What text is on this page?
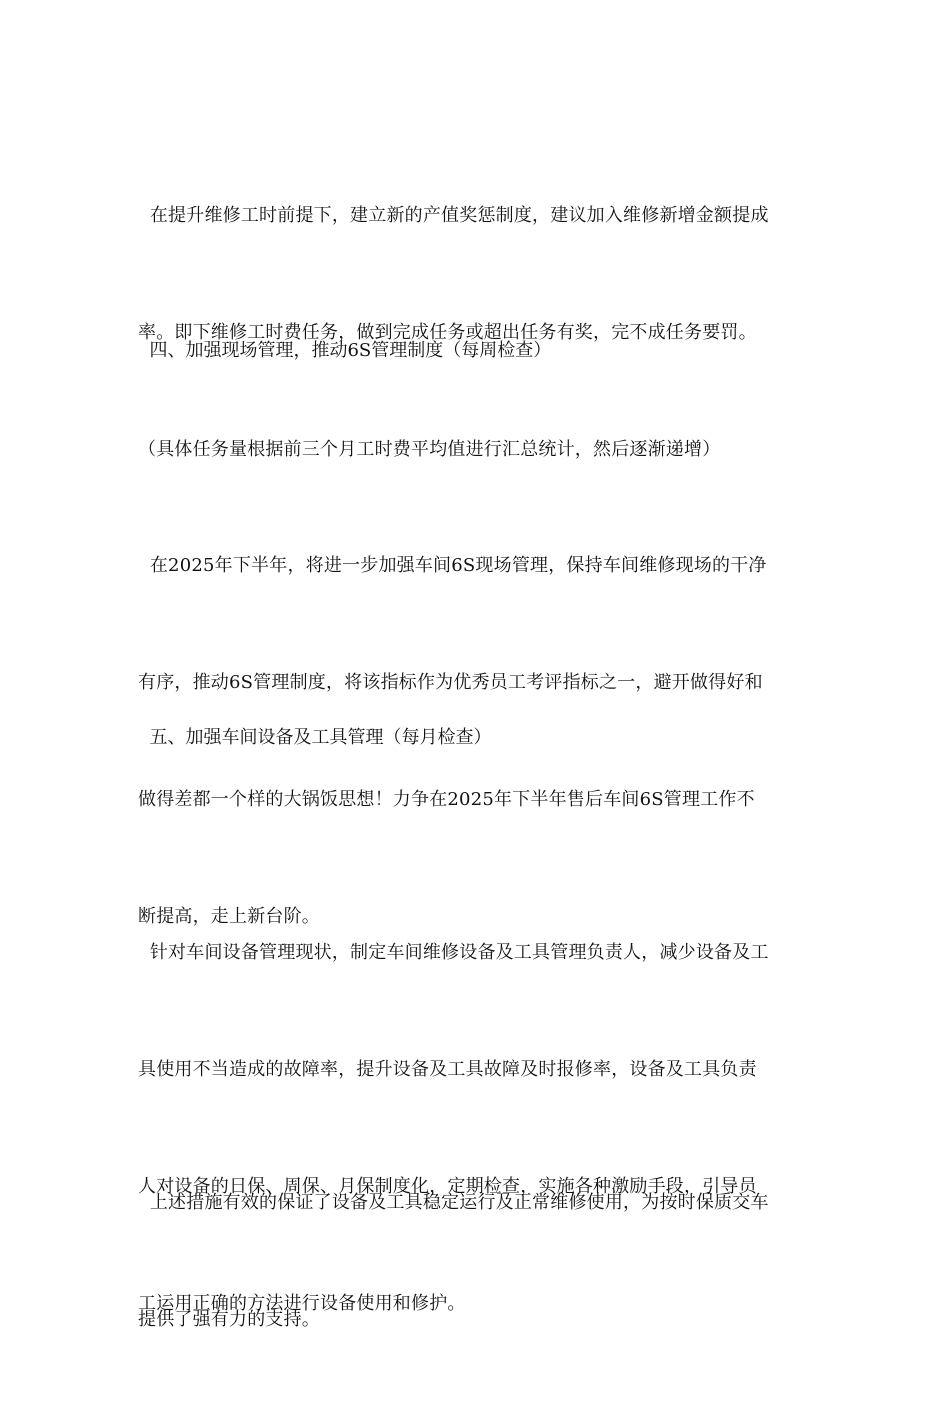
在提升维修工时前提下，建立新的产值奖惩制度，建议加入维修新增金额提成

率。即下维修工时费任务，做到完成任务或超出任务有奖，完不成任务要罚。

（具体任务量根据前三个月工时费平均值进行汇总统计，然后逐渐递增）

四、加强现场管理，推动6S管理制度（每周检查）

在2025年下半年，将进一步加强车间6S现场管理，保持车间维修现场的干净

有序，推动6S管理制度，将该指标作为优秀员工考评指标之一，避开做得好和

做得差都一个样的大锅饭思想！力争在2025年下半年售后车间6S管理工作不

断提高，走上新台阶。

五、加强车间设备及工具管理（每月检查）

针对车间设备管理现状，制定车间维修设备及工具管理负责人，减少设备及工

具使用不当造成的故障率，提升设备及工具故障及时报修率，设备及工具负责

人对设备的日保、周保、月保制度化，定期检查，实施各种激励手段，引导员

工运用正确的方法进行设备使用和修护。

上述措施有效的保证了设备及工具稳定运行及正常维修使用，为按时保质交车

提供了强有力的支持。
